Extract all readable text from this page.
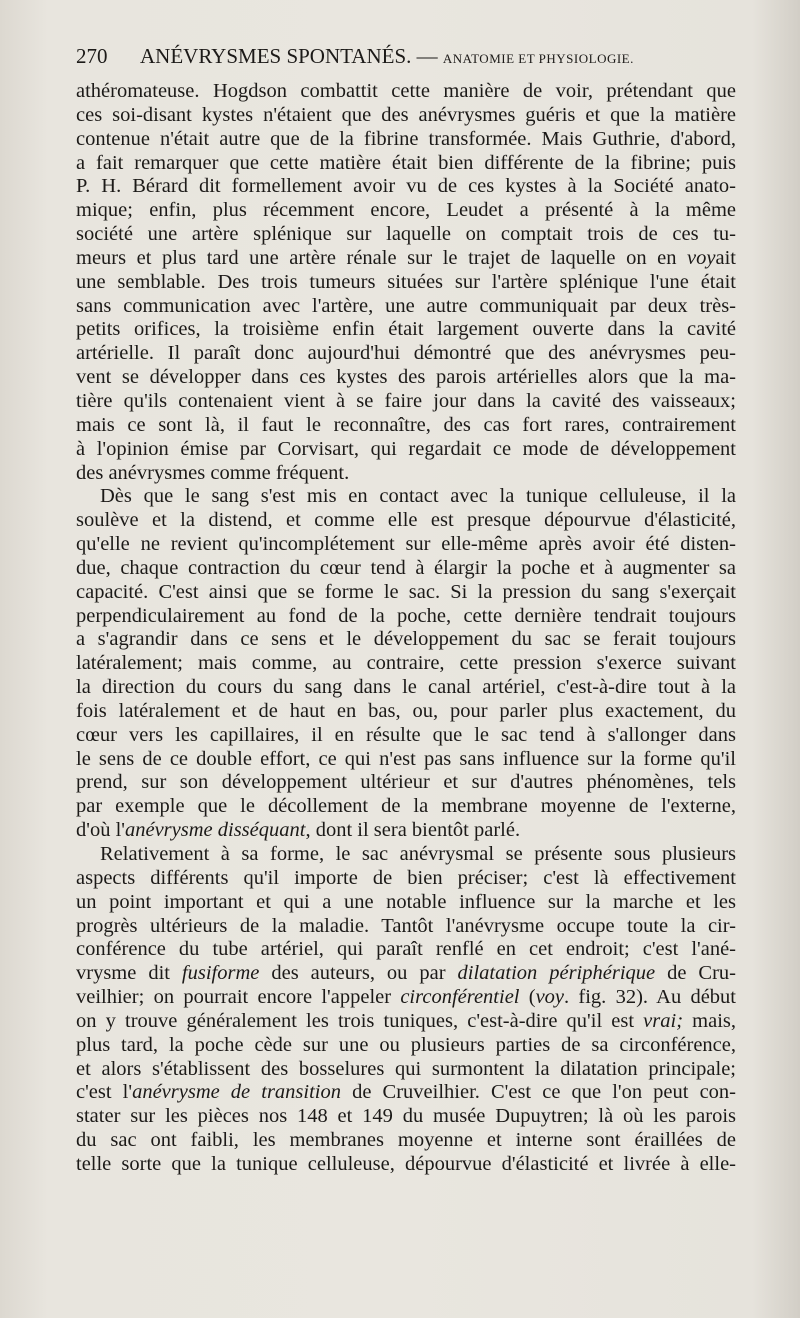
270 ANÉVRYSMES SPONTANÉS. — ANATOMIE ET PHYSIOLOGIE.
athéromateuse. Hogdson combattit cette manière de voir, prétendant que
ces soi-disant kystes n'étaient que des anévrysmes guéris et que la matière
contenue n'était autre que de la fibrine transformée. Mais Guthrie, d'abord,
a fait remarquer que cette matière était bien différente de la fibrine; puis
P. H. Bérard dit formellement avoir vu de ces kystes à la Société anato-
mique; enfin, plus récemment encore, Leudet a présenté à la même
société une artère splénique sur laquelle on comptait trois de ces tu-
meurs et plus tard une artère rénale sur le trajet de laquelle on en voyait
une semblable. Des trois tumeurs situées sur l'artère splénique l'une était
sans communication avec l'artère, une autre communiquait par deux très-
petits orifices, la troisième enfin était largement ouverte dans la cavité
artérielle. Il paraît donc aujourd'hui démontré que des anévrysmes peu-
vent se développer dans ces kystes des parois artérielles alors que la ma-
tière qu'ils contenaient vient à se faire jour dans la cavité des vaisseaux;
mais ce sont là, il faut le reconnaître, des cas fort rares, contrairement
à l'opinion émise par Corvisart, qui regardait ce mode de développement
des anévrysmes comme fréquent.
Dès que le sang s'est mis en contact avec la tunique celluleuse, il la
soulève et la distend, et comme elle est presque dépourvue d'élasticité,
qu'elle ne revient qu'incomplétement sur elle-même après avoir été disten-
due, chaque contraction du cœur tend à élargir la poche et à augmenter sa
capacité. C'est ainsi que se forme le sac. Si la pression du sang s'exerçait
perpendiculairement au fond de la poche, cette dernière tendrait toujours
a s'agrandir dans ce sens et le développement du sac se ferait toujours
latéralement; mais comme, au contraire, cette pression s'exerce suivant
la direction du cours du sang dans le canal artériel, c'est-à-dire tout à la
fois latéralement et de haut en bas, ou, pour parler plus exactement, du
cœur vers les capillaires, il en résulte que le sac tend à s'allonger dans
le sens de ce double effort, ce qui n'est pas sans influence sur la forme qu'il
prend, sur son développement ultérieur et sur d'autres phénomènes, tels
par exemple que le décollement de la membrane moyenne de l'externe,
d'où l'anévrysme disséquant, dont il sera bientôt parlé.
Relativement à sa forme, le sac anévrysmal se présente sous plusieurs
aspects différents qu'il importe de bien préciser; c'est là effectivement
un point important et qui a une notable influence sur la marche et les
progrès ultérieurs de la maladie. Tantôt l'anévrysme occupe toute la cir-
conférence du tube artériel, qui paraît renflé en cet endroit; c'est l'ané-
vrysme dit fusiforme des auteurs, ou par dilatation périphérique de Cru-
veilhier; on pourrait encore l'appeler circonférentiel (voy. fig. 32). Au début
on y trouve généralement les trois tuniques, c'est-à-dire qu'il est vrai; mais,
plus tard, la poche cède sur une ou plusieurs parties de sa circonférence,
et alors s'établissent des bosselures qui surmontent la dilatation principale;
c'est l'anévrysme de transition de Cruveilhier. C'est ce que l'on peut con-
stater sur les pièces nos 148 et 149 du musée Dupuytren; là où les parois
du sac ont faibli, les membranes moyenne et interne sont éraillées de
telle sorte que la tunique celluleuse, dépourvue d'élasticité et livrée à elle-
